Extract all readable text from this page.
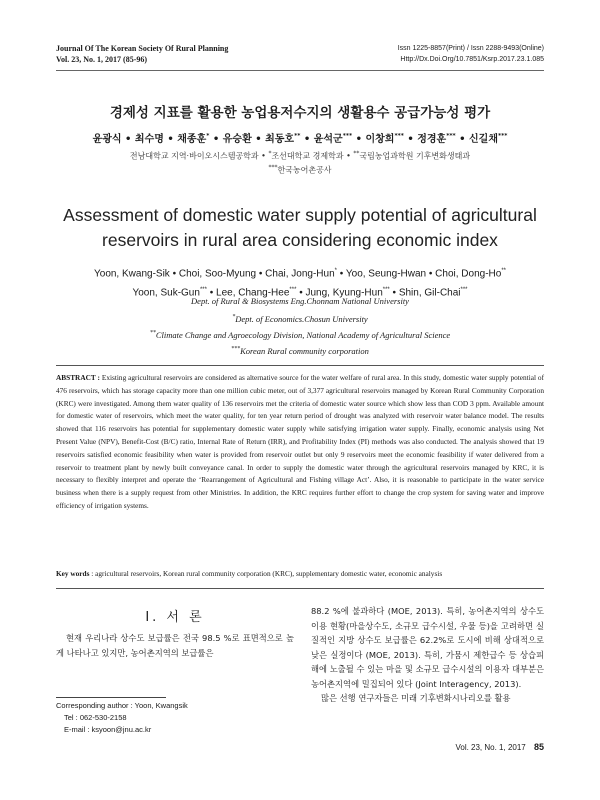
Journal Of The Korean Society Of Rural Planning
Vol. 23, No. 1, 2017 (85-96)
Issn 1225-8857(Print) / Issn 2288-9493(Online)
Http://Dx.Doi.Org/10.7851/Ksrp.2017.23.1.085
경제성 지표를 활용한 농업용저수지의 생활용수 공급가능성 평가
윤광식 • 최수명 • 채종훈* • 유승환 • 최동호** • 윤석군*** • 이창희*** • 정경훈*** • 신길채***
전남대학교 지역·바이오시스템공학과 • *조선대학교 경제학과 • **국립농업과학원 기후변화생태과
***한국농어촌공사
Assessment of domestic water supply potential of agricultural
reservoirs in rural area considering economic index
Yoon, Kwang-Sik • Choi, Soo-Myung • Chai, Jong-Hun* • Yoo, Seung-Hwan • Choi, Dong-Ho**
Yoon, Suk-Gun*** • Lee, Chang-Hee*** • Jung, Kyung-Hun*** • Shin, Gil-Chai***
Dept. of Rural & Biosystems Eng.Chonnam National University
*Dept. of Economics.Chosun University
**Climate Change and Agroecology Division, National Academy of Agricultural Science
***Korean Rural community corporation
ABSTRACT : Existing agricultural reservoirs are considered as alternative source for the water welfare of rural area. In this study, domestic water supply potential of 476 reservoirs, which has storage capacity more than one million cubic meter, out of 3,377 agricultural reservoirs managed by Korean Rural Community Corporation (KRC) were investigated. Among them water quality of 136 reservoirs met the criteria of domestic water source which show less than COD 3 ppm. Available amount for domestic water of reservoirs, which meet the water quality, for ten year return period of drought was analyzed with reservoir water balance model. The results showed that 116 reservoirs has potential for supplementary domestic water supply while satisfying irrigation water supply. Finally, economic analysis using Net Present Value (NPV), Benefit-Cost (B/C) ratio, Internal Rate of Return (IRR), and Profitability Index (PI) methods was also conducted. The analysis showed that 19 reservoirs satisfied economic feasibility when water is provided from reservoir outlet but only 9 reservoirs meet the economic feasibility if water delivered from a reservoir to treatment plant by newly built conveyance canal. In order to supply the domestic water through the agricultural reservoirs managed by KRC, it is necessary to flexibly interpret and operate the ‘Rearrangement of Agricultural and Fishing village Act’. Also, it is reasonable to participate in the water service business when there is a supply request from other Ministries. In addition, the KRC requires further effort to change the crop system for saving water and improve efficiency of irrigation systems.
Key words : agricultural reservoirs, Korean rural community corporation (KRC), supplementary domestic water, economic analysis
Ⅰ. 서 론
현재 우리나라 상수도 보급률은 전국 98.5 %로 표면적으로 높게 나타나고 있지만, 농어촌지역의 보급률은
88.2 %에 불과하다 (MOE, 2013). 특히, 농어촌지역의 상수도 이용 현황(마을상수도, 소규모 급수시설, 우물 등)을 고려하면 실질적인 지방 상수도 보급률은 62.2%로 도시에 비해 상대적으로 낮은 실정이다 (MOE, 2013). 특히, 가뭄시 제한급수 등 상습피해에 노출될 수 있는 마을 및 소규모 급수시설의 이용자 대부분은 농어촌지역에 밀집되어 있다 (Joint Interagency, 2013).
많은 선행 연구자들은 미래 기후변화시나리오를 활용
Corresponding author : Yoon, Kwangsik
Tel : 062-530-2158
E-mail : ksyoon@jnu.ac.kr
Vol. 23, No. 1, 2017 85
